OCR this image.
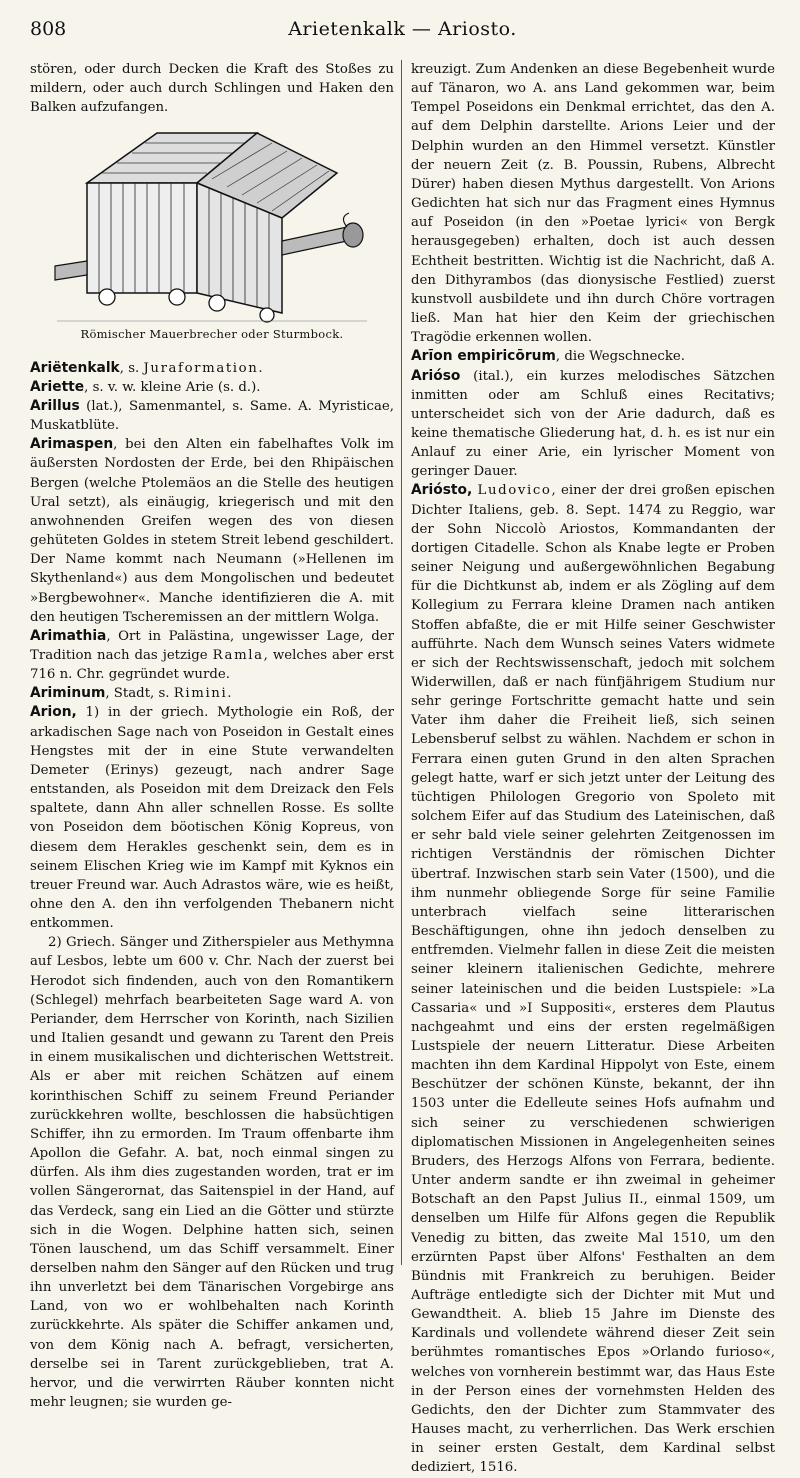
808	Arietenkalk — Ariosto.

stören, oder durch Decken die Kraft des Stoßes zu mildern, oder auch durch Schlingen und Haken den Balken aufzufangen.

Römischer Mauerbrecher oder Sturmbock.

Ariëtenkalk, s. Juraformation.

Ariette, s. v. w. kleine Arie (s. d.).

Arillus (lat.), Samenmantel, s. Same. A. Myristicae, Muskatblüte.

Arimaspen, bei den Alten ein fabelhaftes Volk im äußersten Nordosten der Erde, bei den Rhipäischen Bergen (welche Ptolemäos an die Stelle des heutigen Ural setzt), als einäugig, kriegerisch und mit den anwohnenden Greifen wegen des von diesen gehüteten Goldes in stetem Streit lebend geschildert. Der Name kommt nach Neumann (»Hellenen im Skythenland«) aus dem Mongolischen und bedeutet »Bergbewohner«. Manche identifizieren die A. mit den heutigen Tscheremissen an der mittlern Wolga.

Arimathia, Ort in Palästina, ungewisser Lage, der Tradition nach das jetzige Ramla, welches aber erst 716 n. Chr. gegründet wurde.

Ariminum, Stadt, s. Rimini.

Arion, 1) in der griech. Mythologie ein Roß, der arkadischen Sage nach von Poseidon in Gestalt eines Hengstes mit der in eine Stute verwandelten Demeter (Erinys) gezeugt, nach andrer Sage entstanden, als Poseidon mit dem Dreizack den Fels spaltete, dann Ahn aller schnellen Rosse. Es sollte von Poseidon dem böotischen König Kopreus, von diesem dem Herakles geschenkt sein, dem es in seinem Elischen Krieg wie im Kampf mit Kyknos ein treuer Freund war. Auch Adrastos wäre, wie es heißt, ohne den A. den ihn verfolgenden Thebanern nicht entkommen.

2) Griech. Sänger und Zitherspieler aus Methymna auf Lesbos, lebte um 600 v. Chr. Nach der zuerst bei Herodot sich findenden, auch von den Romantikern (Schlegel) mehrfach bearbeiteten Sage ward A. von Periander, dem Herrscher von Korinth, nach Sizilien und Italien gesandt und gewann zu Tarent den Preis in einem musikalischen und dichterischen Wettstreit. Als er aber mit reichen Schätzen auf einem korinthischen Schiff zu seinem Freund Periander zurückkehren wollte, beschlossen die habsüchtigen Schiffer, ihn zu ermorden. Im Traum offenbarte ihm Apollon die Gefahr. A. bat, noch einmal singen zu dürfen. Als ihm dies zugestanden worden, trat er im vollen Sängerornat, das Saitenspiel in der Hand, auf das Verdeck, sang ein Lied an die Götter und stürzte sich in die Wogen. Delphine hatten sich, seinen Tönen lauschend, um das Schiff versammelt. Einer derselben nahm den Sänger auf den Rücken und trug ihn unverletzt bei dem Tänarischen Vorgebirge ans Land, von wo er wohlbehalten nach Korinth zurückkehrte. Als später die Schiffer ankamen und, von dem König nach A. befragt, versicherten, derselbe sei in Tarent zurückgeblieben, trat A. hervor, und die verwirrten Räuber konnten nicht mehr leugnen; sie wurden ge-

kreuzigt. Zum Andenken an diese Begebenheit wurde auf Tänaron, wo A. ans Land gekommen war, beim Tempel Poseidons ein Denkmal errichtet, das den A. auf dem Delphin darstellte. Arions Leier und der Delphin wurden an den Himmel versetzt. Künstler der neuern Zeit (z. B. Poussin, Rubens, Albrecht Dürer) haben diesen Mythus dargestellt. Von Arions Gedichten hat sich nur das Fragment eines Hymnus auf Poseidon (in den »Poetae lyrici« von Bergk herausgegeben) erhalten, doch ist auch dessen Echtheit bestritten. Wichtig ist die Nachricht, daß A. den Dithyrambos (das dionysische Festlied) zuerst kunstvoll ausbildete und ihn durch Chöre vortragen ließ. Man hat hier den Keim der griechischen Tragödie erkennen wollen.

Arīon empiricōrum, die Wegschnecke.

Arióso (ital.), ein kurzes melodisches Sätzchen inmitten oder am Schluß eines Recitativs; unterscheidet sich von der Arie dadurch, daß es keine thematische Gliederung hat, d. h. es ist nur ein Anlauf zu einer Arie, ein lyrischer Moment von geringer Dauer.

Ariósto, Ludovico, einer der drei großen epischen Dichter Italiens, geb. 8. Sept. 1474 zu Reggio, war der Sohn Niccolò Ariostos, Kommandanten der dortigen Citadelle. Schon als Knabe legte er Proben seiner Neigung und außergewöhnlichen Begabung für die Dichtkunst ab, indem er als Zögling auf dem Kollegium zu Ferrara kleine Dramen nach antiken Stoffen abfaßte, die er mit Hilfe seiner Geschwister aufführte. Nach dem Wunsch seines Vaters widmete er sich der Rechtswissenschaft, jedoch mit solchem Widerwillen, daß er nach fünfjährigem Studium nur sehr geringe Fortschritte gemacht hatte und sein Vater ihm daher die Freiheit ließ, sich seinen Lebensberuf selbst zu wählen. Nachdem er schon in Ferrara einen guten Grund in den alten Sprachen gelegt hatte, warf er sich jetzt unter der Leitung des tüchtigen Philologen Gregorio von Spoleto mit solchem Eifer auf das Studium des Lateinischen, daß er sehr bald viele seiner gelehrten Zeitgenossen im richtigen Verständnis der römischen Dichter übertraf. Inzwischen starb sein Vater (1500), und die ihm nunmehr obliegende Sorge für seine Familie unterbrach vielfach seine litterarischen Beschäftigungen, ohne ihn jedoch denselben zu entfremden. Vielmehr fallen in diese Zeit die meisten seiner kleinern italienischen Gedichte, mehrere seiner lateinischen und die beiden Lustspiele: »La Cassaria« und »I Suppositi«, ersteres dem Plautus nachgeahmt und eins der ersten regelmäßigen Lustspiele der neuern Litteratur. Diese Arbeiten machten ihn dem Kardinal Hippolyt von Este, einem Beschützer der schönen Künste, bekannt, der ihn 1503 unter die Edelleute seines Hofs aufnahm und sich seiner zu verschiedenen schwierigen diplomatischen Missionen in Angelegenheiten seines Bruders, des Herzogs Alfons von Ferrara, bediente. Unter anderm sandte er ihn zweimal in geheimer Botschaft an den Papst Julius II., einmal 1509, um denselben um Hilfe für Alfons gegen die Republik Venedig zu bitten, das zweite Mal 1510, um den erzürnten Papst über Alfons' Festhalten an dem Bündnis mit Frankreich zu beruhigen. Beider Aufträge entledigte sich der Dichter mit Mut und Gewandtheit. A. blieb 15 Jahre im Dienste des Kardinals und vollendete während dieser Zeit sein berühmtes romantisches Epos »Orlando furioso«, welches von vornherein bestimmt war, das Haus Este in der Person eines der vornehmsten Helden des Gedichts, den der Dichter zum Stammvater des Hauses macht, zu verherrlichen. Das Werk erschien in seiner ersten Gestalt, dem Kardinal selbst dediziert, 1516.
